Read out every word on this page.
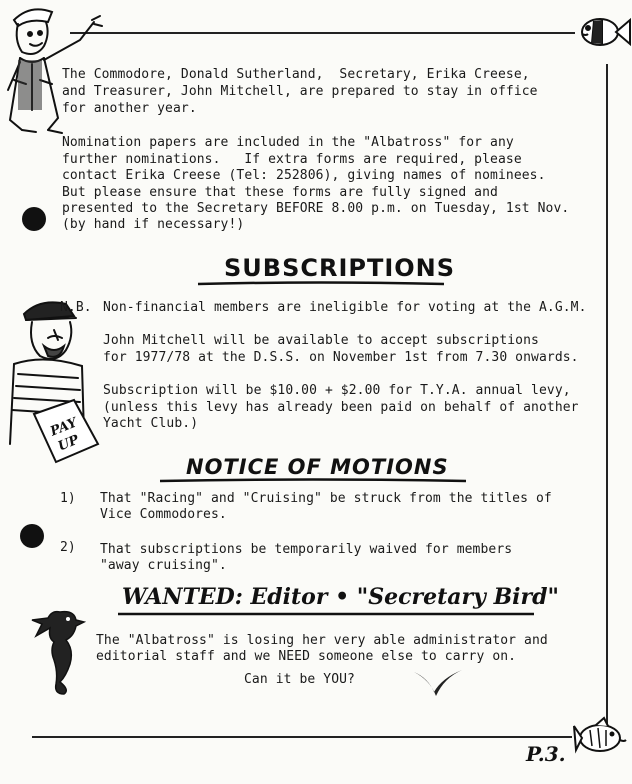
The Commodore, Donald Sutherland,  Secretary, Erika Creese,
and Treasurer, John Mitchell, are prepared to stay in office
for another year.
Nomination papers are included in the "Albatross" for any
further nominations.   If extra forms are required, please
contact Erika Creese (Tel: 252806), giving names of nominees.
But please ensure that these forms are fully signed and
presented to the Secretary BEFORE 8.00 p.m. on Tuesday, 1st Nov.
(by hand if necessary!)
SUBSCRIPTIONS
PAY
UP
N.B. Non-financial members are ineligible for voting at the A.G.M.
John Mitchell will be available to accept subscriptions
for 1977/78 at the D.S.S. on November 1st from 7.30 onwards.
Subscription will be $10.00 + $2.00 for T.Y.A. annual levy,
(unless this levy has already been paid on behalf of another
Yacht Club.)
NOTICE OF MOTIONS
1) That "Racing" and "Cruising" be struck from the titles of
Vice Commodores.
2) That subscriptions be temporarily waived for members
"away cruising".
WANTED: Editor • "Secretary Bird"
The "Albatross" is losing her very able administrator and
editorial staff and we NEED someone else to carry on.
Can it be YOU?
P.3.
